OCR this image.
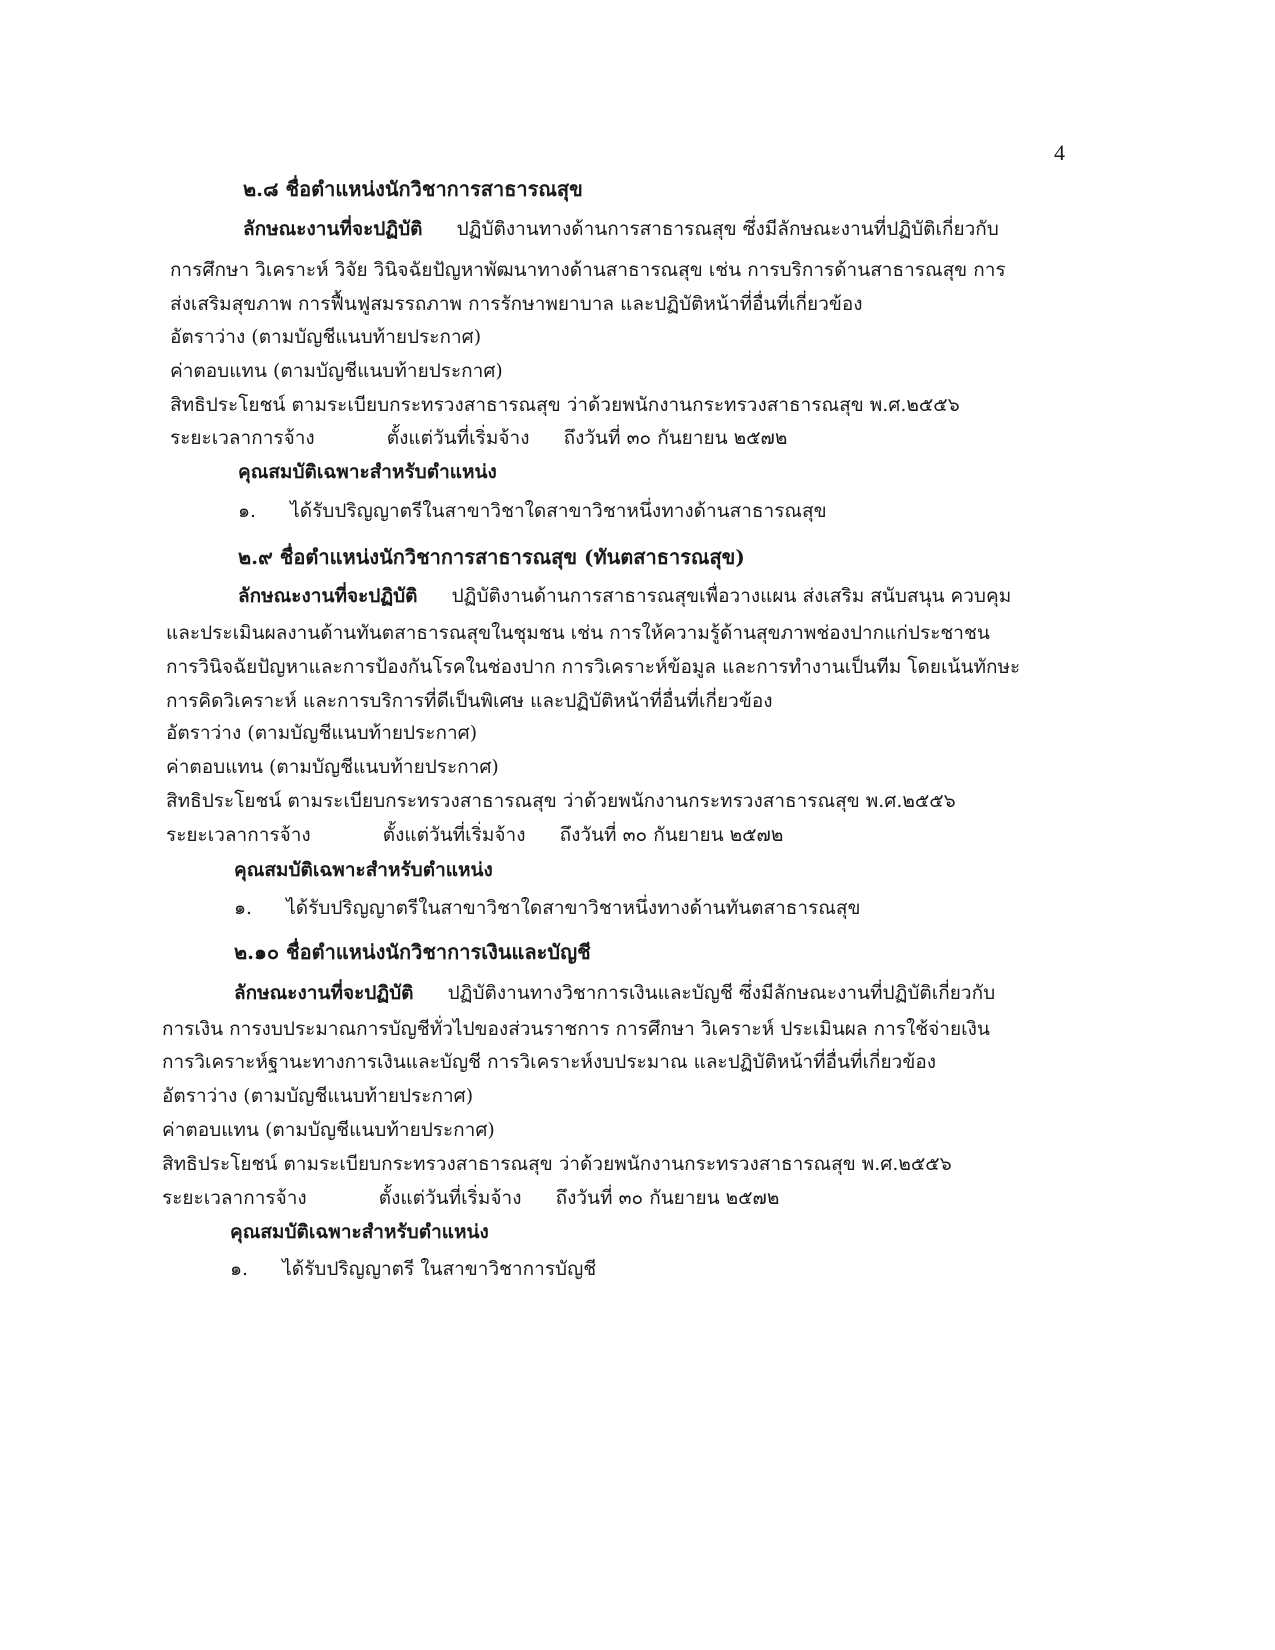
4
๒.๘ ชื่อตำแหน่งนักวิชาการสาธารณสุข
ลักษณะงานที่จะปฏิบัติ ปฏิบัติงานทางด้านการสาธารณสุข ซึ่งมีลักษณะงานที่ปฏิบัติเกี่ยวกับ
การศึกษา วิเคราะห์ วิจัย วินิจฉัยปัญหาพัฒนาทางด้านสาธารณสุข เช่น การบริการด้านสาธารณสุข การ
ส่งเสริมสุขภาพ การฟื้นฟูสมรรถภาพ การรักษาพยาบาล และปฏิบัติหน้าที่อื่นที่เกี่ยวข้อง
อัตราว่าง (ตามบัญชีแนบท้ายประกาศ)
ค่าตอบแทน (ตามบัญชีแนบท้ายประกาศ)
สิทธิประโยชน์ ตามระเบียบกระทรวงสาธารณสุข ว่าด้วยพนักงานกระทรวงสาธารณสุข พ.ศ.๒๕๕๖
ระยะเวลาการจ้าง	ตั้งแต่วันที่เริ่มจ้าง ถึงวันที่ ๓๐ กันยายน ๒๕๗๒
คุณสมบัติเฉพาะสำหรับตำแหน่ง
๑. ได้รับปริญญาตรีในสาขาวิชาใดสาขาวิชาหนึ่งทางด้านสาธารณสุข
๒.๙ ชื่อตำแหน่งนักวิชาการสาธารณสุข (ทันตสาธารณสุข)
ลักษณะงานที่จะปฏิบัติ ปฏิบัติงานด้านการสาธารณสุขเพื่อวางแผน ส่งเสริม สนับสนุน ควบคุม
และประเมินผลงานด้านทันตสาธารณสุขในชุมชน เช่น การให้ความรู้ด้านสุขภาพช่องปากแก่ประชาชน
การวินิจฉัยปัญหาและการป้องกันโรคในช่องปาก การวิเคราะห์ข้อมูล และการทำงานเป็นทีม โดยเน้นทักษะ
การคิดวิเคราะห์ และการบริการที่ดีเป็นพิเศษ และปฏิบัติหน้าที่อื่นที่เกี่ยวข้อง
อัตราว่าง (ตามบัญชีแนบท้ายประกาศ)
ค่าตอบแทน (ตามบัญชีแนบท้ายประกาศ)
สิทธิประโยชน์ ตามระเบียบกระทรวงสาธารณสุข ว่าด้วยพนักงานกระทรวงสาธารณสุข พ.ศ.๒๕๕๖
ระยะเวลาการจ้าง	ตั้งแต่วันที่เริ่มจ้าง ถึงวันที่ ๓๐ กันยายน ๒๕๗๒
คุณสมบัติเฉพาะสำหรับตำแหน่ง
๑. ได้รับปริญญาตรีในสาขาวิชาใดสาขาวิชาหนึ่งทางด้านทันตสาธารณสุข
๒.๑๐ ชื่อตำแหน่งนักวิชาการเงินและบัญชี
ลักษณะงานที่จะปฏิบัติ ปฏิบัติงานทางวิชาการเงินและบัญชี ซึ่งมีลักษณะงานที่ปฏิบัติเกี่ยวกับ
การเงิน การงบประมาณการบัญชีทั่วไปของส่วนราชการ การศึกษา วิเคราะห์ ประเมินผล การใช้จ่ายเงิน
การวิเคราะห์ฐานะทางการเงินและบัญชี การวิเคราะห์งบประมาณ และปฏิบัติหน้าที่อื่นที่เกี่ยวข้อง
อัตราว่าง (ตามบัญชีแนบท้ายประกาศ)
ค่าตอบแทน (ตามบัญชีแนบท้ายประกาศ)
สิทธิประโยชน์ ตามระเบียบกระทรวงสาธารณสุข ว่าด้วยพนักงานกระทรวงสาธารณสุข พ.ศ.๒๕๕๖
ระยะเวลาการจ้าง	ตั้งแต่วันที่เริ่มจ้าง ถึงวันที่ ๓๐ กันยายน ๒๕๗๒
คุณสมบัติเฉพาะสำหรับตำแหน่ง
๑. ได้รับปริญญาตรี ในสาขาวิชาการบัญชี
